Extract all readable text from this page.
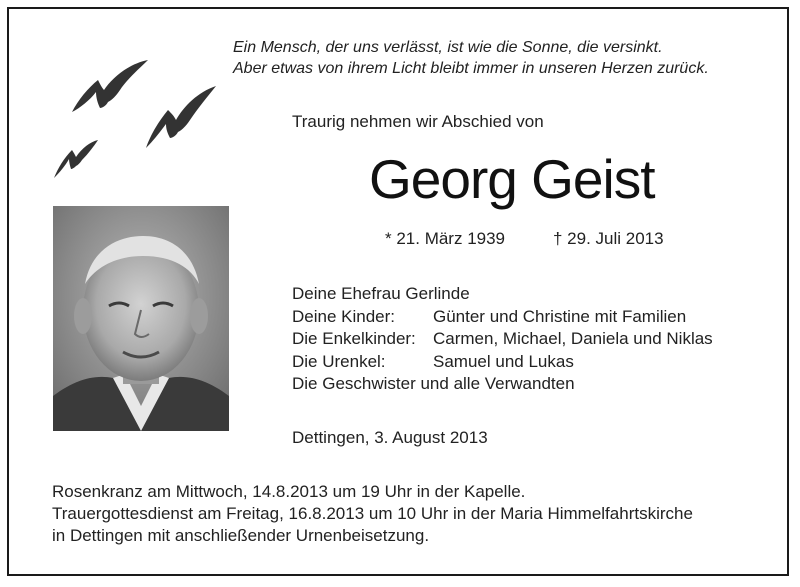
Ein Mensch, der uns verlässt, ist wie die Sonne, die versinkt.
Aber etwas von ihrem Licht bleibt immer in unseren Herzen zurück.
Traurig nehmen wir Abschied von
Georg Geist
* 21. März 1939	† 29. Juli 2013
Deine Ehefrau Gerlinde
Deine Kinder:	Günter und Christine mit Familien
Die Enkelkinder:	Carmen, Michael, Daniela und Niklas
Die Urenkel:	Samuel und Lukas
Die Geschwister und alle Verwandten
Dettingen, 3. August 2013
Rosenkranz am Mittwoch, 14.8.2013 um 19 Uhr in der Kapelle.
Trauergottesdienst am Freitag, 16.8.2013 um 10 Uhr in der Maria Himmelfahrtskirche
in Dettingen mit anschließender Urnenbeisetzung.
